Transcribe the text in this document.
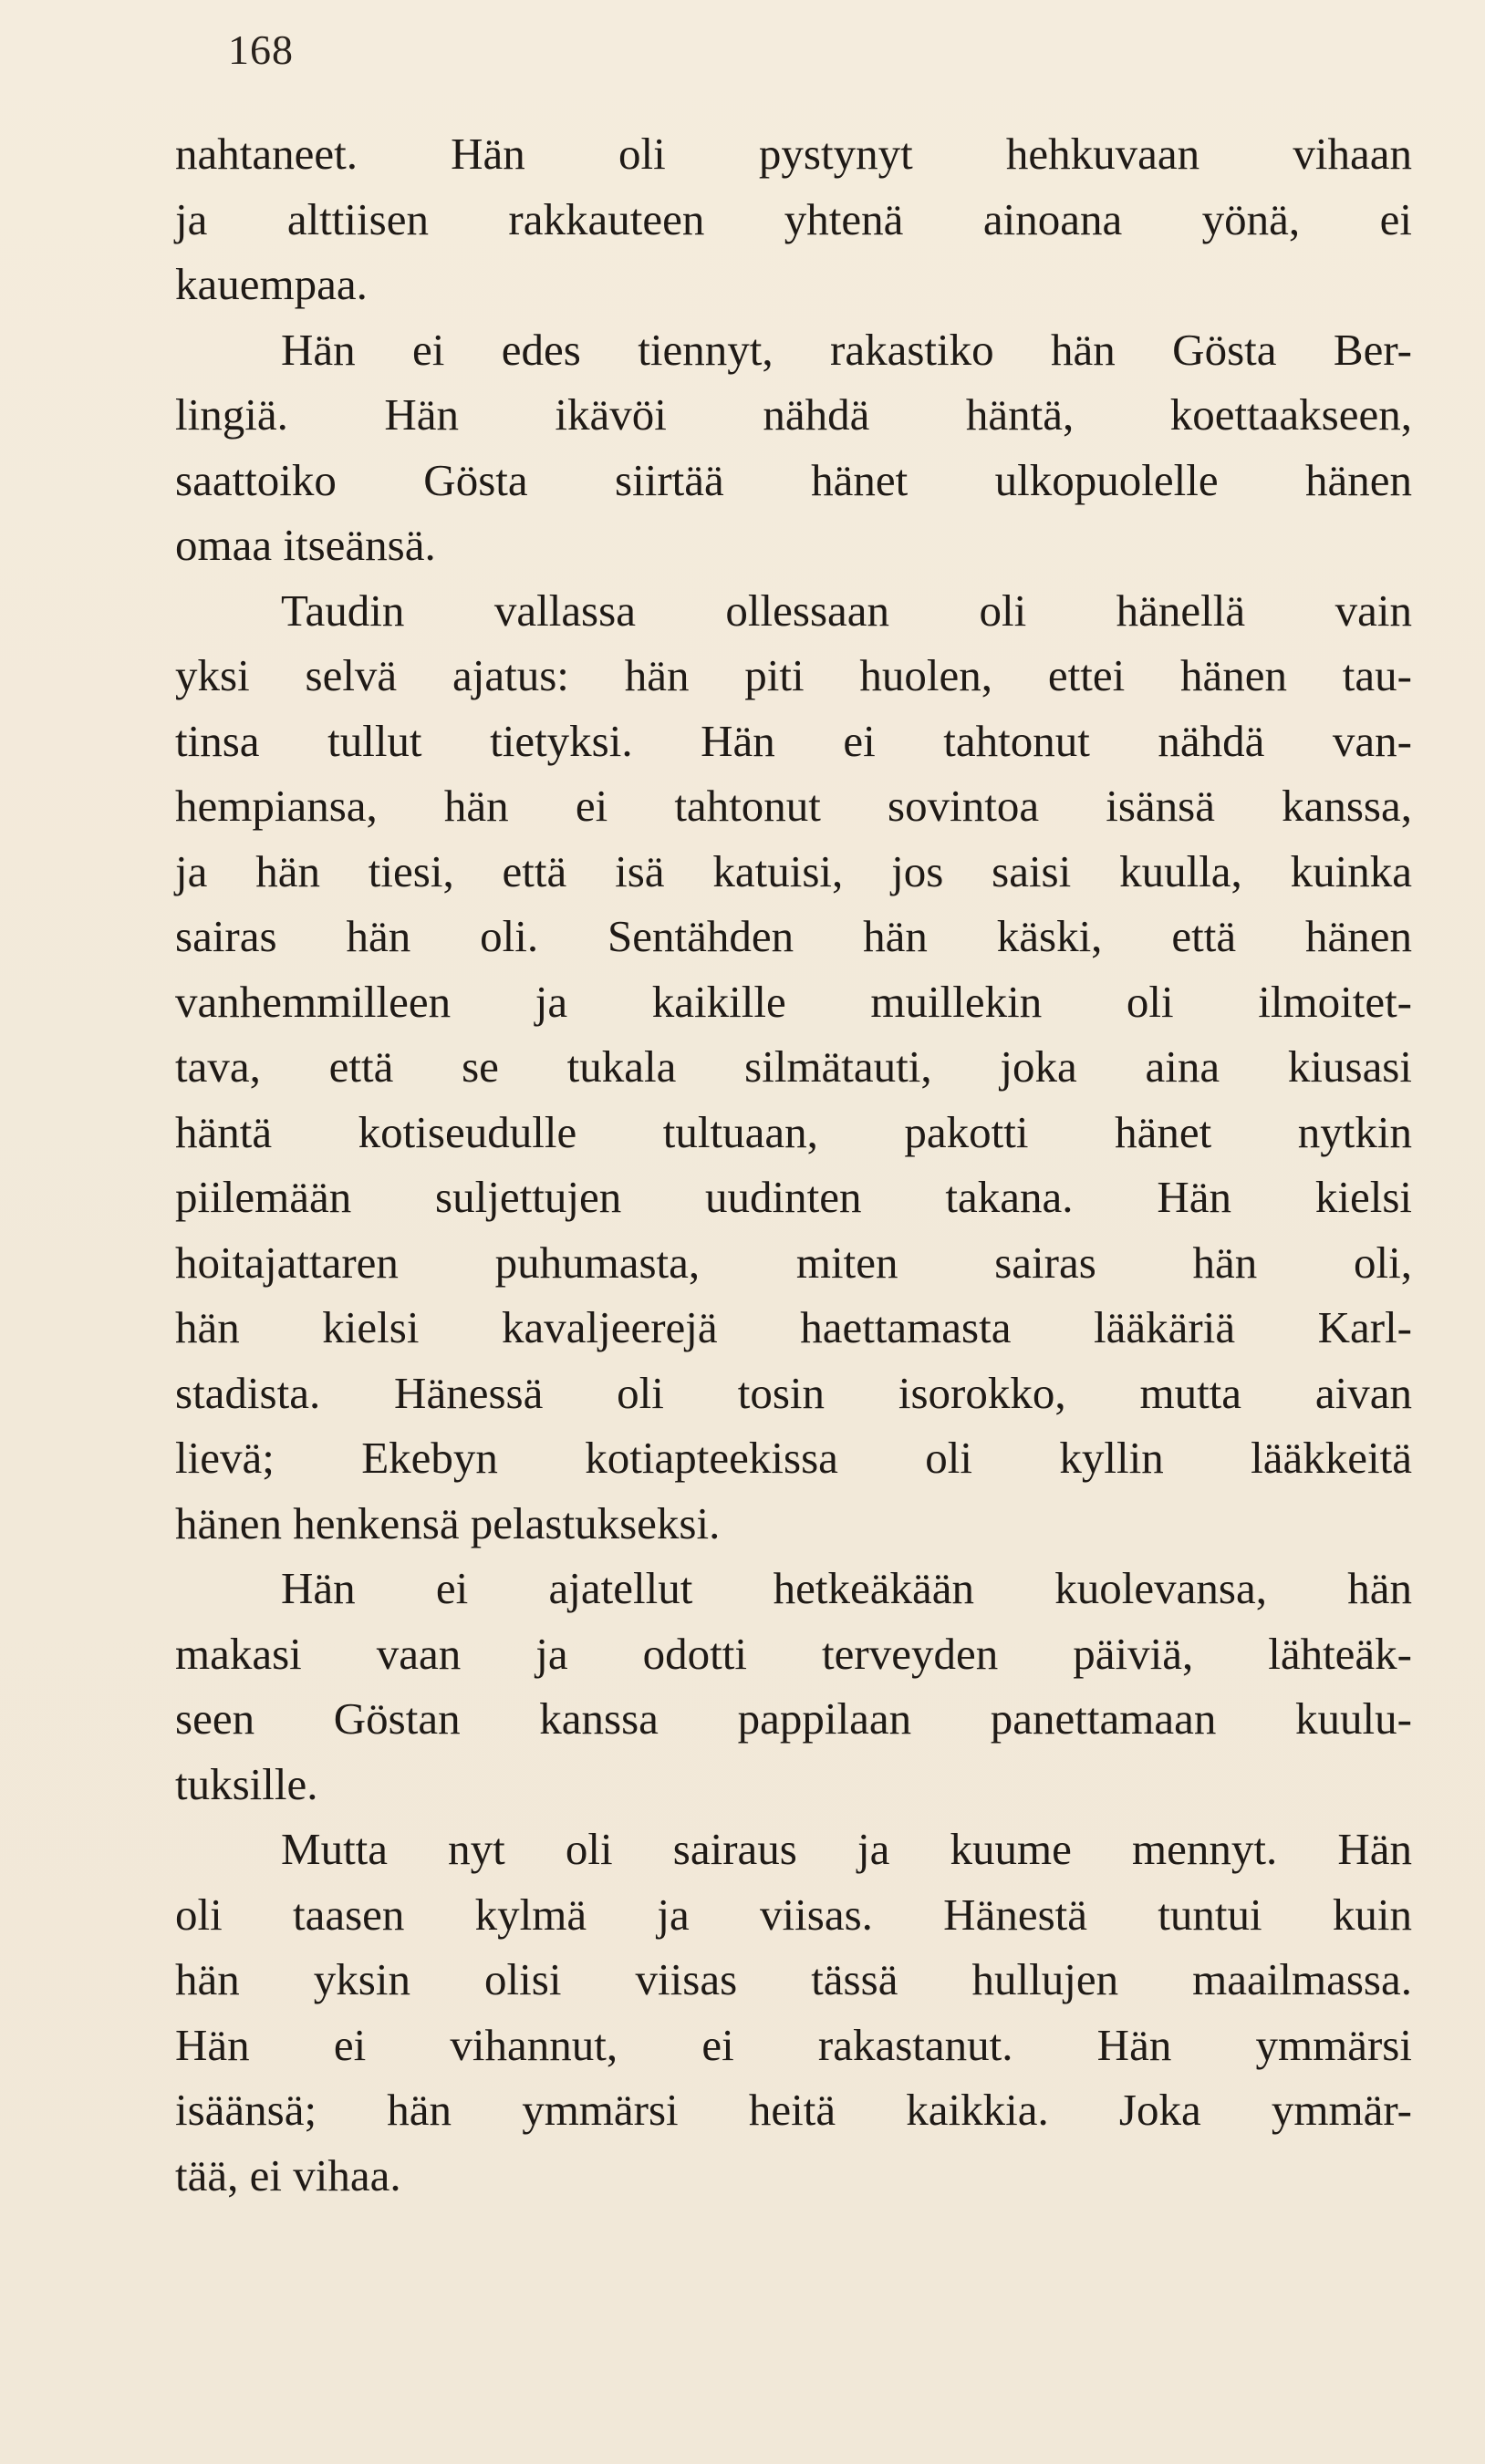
168
nahtaneet. Hän oli pystynyt hehkuvaan vihaan
ja alttiisen rakkauteen yhtenä ainoana yönä, ei
kauempaa.
Hän ei edes tiennyt, rakastiko hän Gösta Ber-
lingiä. Hän ikävöi nähdä häntä, koettaakseen,
saattoiko Gösta siirtää hänet ulkopuolelle hänen
omaa itseänsä.
Taudin vallassa ollessaan oli hänellä vain
yksi selvä ajatus: hän piti huolen, ettei hänen tau-
tinsa tullut tietyksi. Hän ei tahtonut nähdä van-
hempiansa, hän ei tahtonut sovintoa isänsä kanssa,
ja hän tiesi, että isä katuisi, jos saisi kuulla, kuinka
sairas hän oli. Sentähden hän käski, että hänen
vanhemmilleen ja kaikille muillekin oli ilmoitet-
tava, että se tukala silmätauti, joka aina kiusasi
häntä kotiseudulle tultuaan, pakotti hänet nytkin
piilemään suljettujen uudinten takana. Hän kielsi
hoitajattaren puhumasta, miten sairas hän oli,
hän kielsi kavaljeerejä haettamasta lääkäriä Karl-
stadista. Hänessä oli tosin isorokko, mutta aivan
lievä; Ekebyn kotiapteekissa oli kyllin lääkkeitä
hänen henkensä pelastukseksi.
Hän ei ajatellut hetkeäkään kuolevansa, hän
makasi vaan ja odotti terveyden päiviä, lähteäk-
seen Göstan kanssa pappilaan panettamaan kuulu-
tuksille.
Mutta nyt oli sairaus ja kuume mennyt. Hän
oli taasen kylmä ja viisas. Hänestä tuntui kuin
hän yksin olisi viisas tässä hullujen maailmassa.
Hän ei vihannut, ei rakastanut. Hän ymmärsi
isäänsä; hän ymmärsi heitä kaikkia. Joka ymmär-
tää, ei vihaa.
